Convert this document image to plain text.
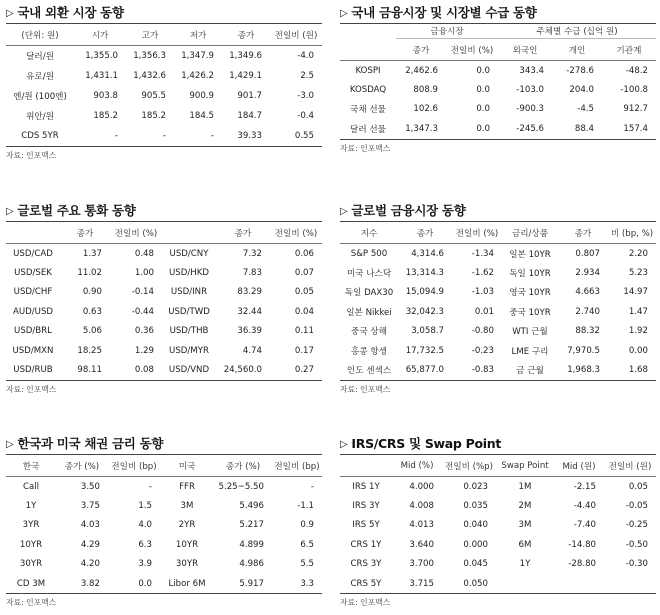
▷ 국내 외환 시장 동향
(단위: 원)	시가	고가	저가	종가	전일비 (원)
달러/원	1,355.0	1,356.3	1,347.9	1,349.6	-4.0
유로/원	1,431.1	1,432.6	1,426.2	1,429.1	2.5
엔/원 (100엔)	903.8	905.5	900.9	901.7	-3.0
위안/원	185.2	185.2	184.5	184.7	-0.4
CDS 5YR	-	-	-	39.33	0.55
자료: 인포맥스
▷ 국내 금융시장 및 시장별 수급 동향
	금융시장		주체별 수급 (십억 원)		
	종가	전일비 (%)	외국인	개인	기관계
KOSPI	2,462.6	0.0	343.4	-278.6	-48.2
KOSDAQ	808.9	0.0	-103.0	204.0	-100.8
국채 선물	102.6	0.0	-900.3	-4.5	912.7
달러 선물	1,347.3	0.0	-245.6	88.4	157.4
자료: 인포맥스
▷ 글로벌 주요 통화 동향
	종가	전일비 (%)		종가	전일비 (%)
USD/CAD	1.37	0.48	USD/CNY	7.32	0.06
USD/SEK	11.02	1.00	USD/HKD	7.83	0.07
USD/CHF	0.90	-0.14	USD/INR	83.29	0.05
AUD/USD	0.63	-0.44	USD/TWD	32.44	0.04
USD/BRL	5.06	0.36	USD/THB	36.39	0.11
USD/MXN	18.25	1.29	USD/MYR	4.74	0.17
USD/RUB	98.11	0.08	USD/VND	24,560.0	0.27
자료: 인포맥스
▷ 글로벌 금융시장 동향
지수	종가	전일비 (%)	금리/상품	종가	비 (bp, %)
S&P 500	4,314.6	-1.34	일본 10YR	0.807	2.20
미국 나스닥	13,314.3	-1.62	독일 10YR	2.934	5.23
독일 DAX30	15,094.9	-1.03	영국 10YR	4.663	14.97
일본 Nikkei	32,042.3	0.01	중국 10YR	2.740	1.47
중국 상해	3,058.7	-0.80	WTI 근월	88.32	1.92
홍콩 항셍	17,732.5	-0.23	LME 구리	7,970.5	0.00
인도 센섹스	65,877.0	-0.83	금 근월	1,968.3	1.68
자료: 인포맥스
▷ 한국과 미국 채권 금리 동향
한국	종가 (%)	전일비 (bp)	미국	종가 (%)	전일비 (bp)
Call	3.50	-	FFR	5.25~5.50	-
1Y	3.75	1.5	3M	5.496	-1.1
3YR	4.03	4.0	2YR	5.217	0.9
10YR	4.29	6.3	10YR	4.899	6.5
30YR	4.20	3.9	30YR	4.986	5.5
CD 3M	3.82	0.0	Libor 6M	5.917	3.3
자료: 인포맥스
▷ IRS/CRS 및 Swap Point
	Mid (%)	전일비 (%p)	Swap Point	Mid (원)	전일비 (원)
IRS 1Y	4.000	0.023	1M	-2.15	0.05
IRS 3Y	4.008	0.035	2M	-4.40	-0.05
IRS 5Y	4.013	0.040	3M	-7.40	-0.25
CRS 1Y	3.640	0.000	6M	-14.80	-0.50
CRS 3Y	3.700	0.045	1Y	-28.80	-0.30
CRS 5Y	3.715	0.050			
자료: 인포맥스
